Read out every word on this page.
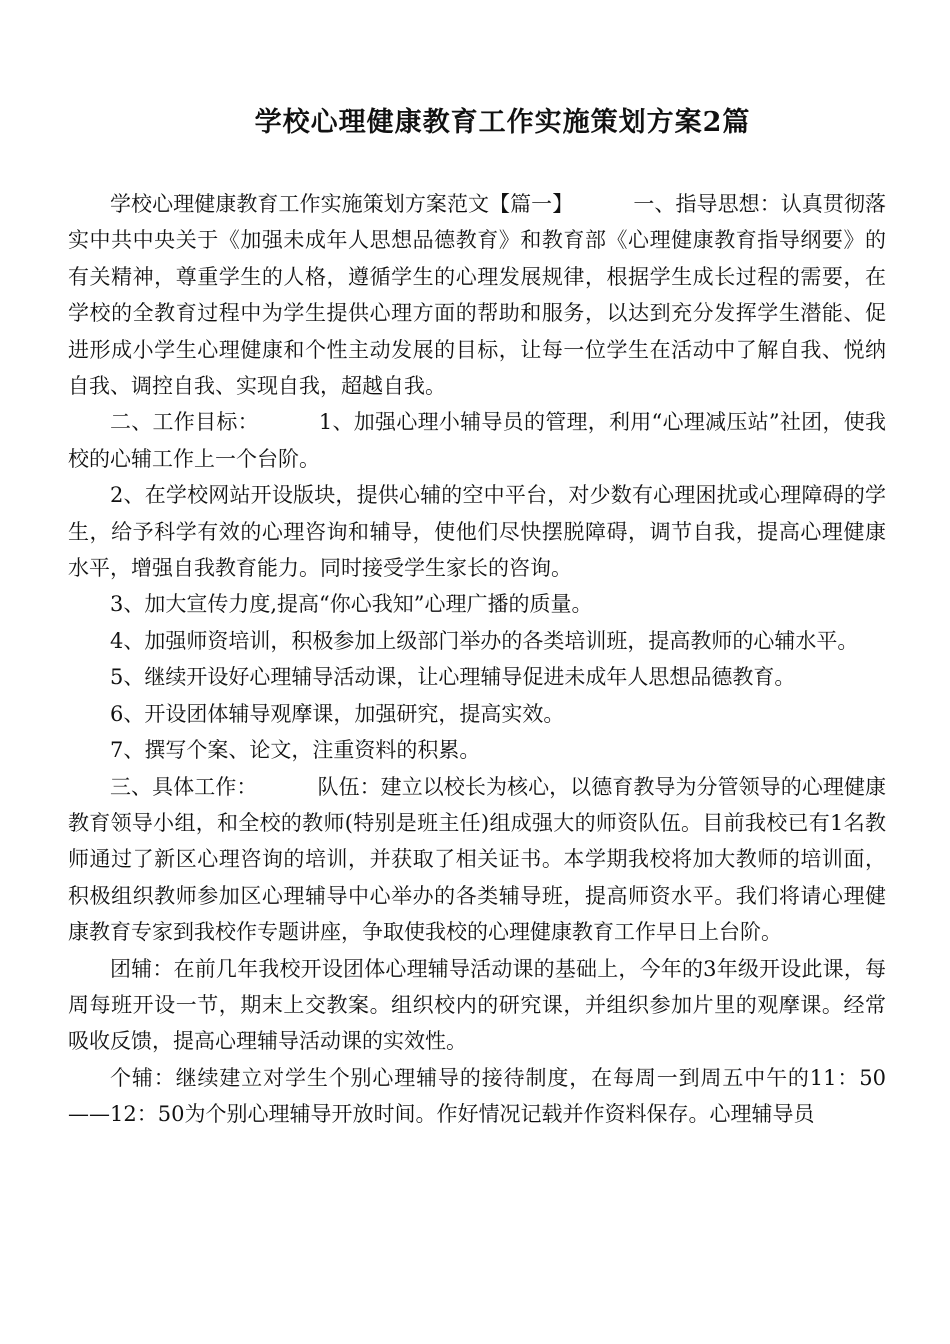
学校心理健康教育工作实施策划方案2篇

学校心理健康教育工作实施策划方案范文【篇一】	一、指导思想：认真贯彻落实中共中央关于《加强未成年人思想品德教育》和教育部《心理健康教育指导纲要》的有关精神，尊重学生的人格，遵循学生的心理发展规律，根据学生成长过程的需要，在学校的全教育过程中为学生提供心理方面的帮助和服务，以达到充分发挥学生潜能、促进形成小学生心理健康和个性主动发展的目标，让每一位学生在活动中了解自我、悦纳自我、调控自我、实现自我，超越自我。

二、工作目标：	1、加强心理小辅导员的管理，利用“心理减压站”社团，使我校的心辅工作上一个台阶。

2、在学校网站开设版块，提供心辅的空中平台，对少数有心理困扰或心理障碍的学生，给予科学有效的心理咨询和辅导，使他们尽快摆脱障碍，调节自我，提高心理健康水平，增强自我教育能力。同时接受学生家长的咨询。

3、加大宣传力度,提高“你心我知”心理广播的质量。

4、加强师资培训，积极参加上级部门举办的各类培训班，提高教师的心辅水平。

5、继续开设好心理辅导活动课，让心理辅导促进未成年人思想品德教育。

6、开设团体辅导观摩课，加强研究，提高实效。

7、撰写个案、论文，注重资料的积累。

三、具体工作：	队伍：建立以校长为核心，以德育教导为分管领导的心理健康教育领导小组，和全校的教师(特别是班主任)组成强大的师资队伍。目前我校已有1名教师通过了新区心理咨询的培训，并获取了相关证书。本学期我校将加大教师的培训面，积极组织教师参加区心理辅导中心举办的各类辅导班，提高师资水平。我们将请心理健康教育专家到我校作专题讲座，争取使我校的心理健康教育工作早日上台阶。

团辅：在前几年我校开设团体心理辅导活动课的基础上，今年的3年级开设此课，每周每班开设一节，期末上交教案。组织校内的研究课，并组织参加片里的观摩课。经常吸收反馈，提高心理辅导活动课的实效性。

个辅：继续建立对学生个别心理辅导的接待制度，在每周一到周五中午的11：50——12：50为个别心理辅导开放时间。作好情况记载并作资料保存。心理辅导员
